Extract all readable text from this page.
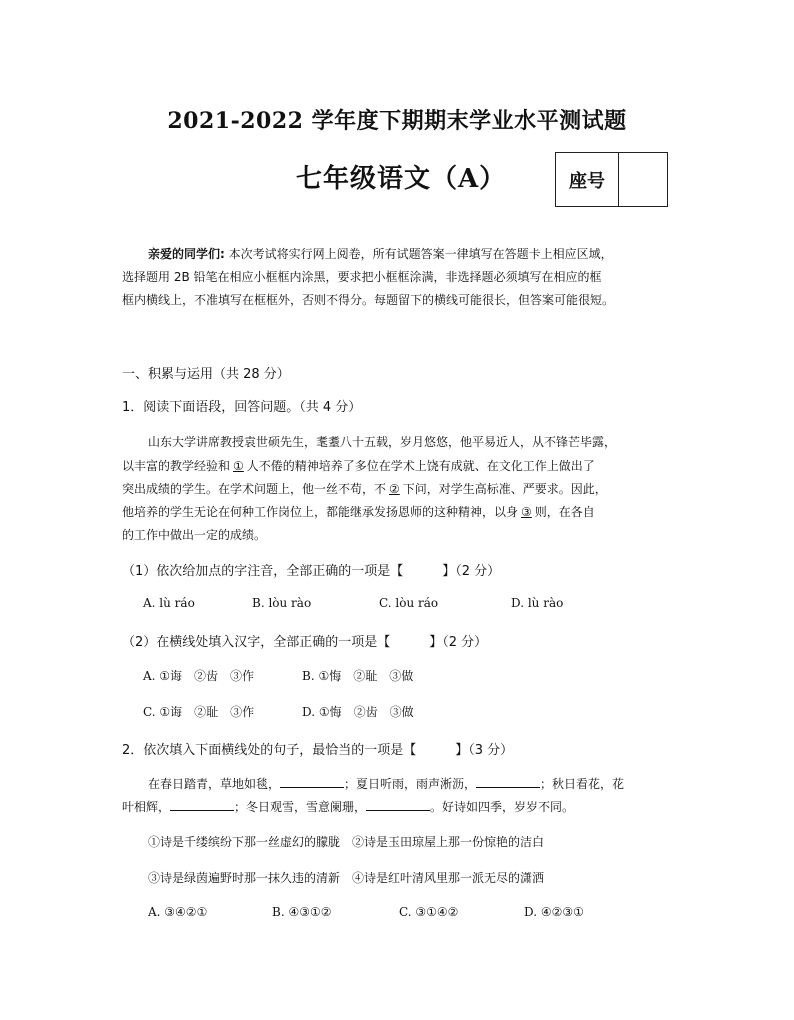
2021-2022 学年度下期期末学业水平测试题
七年级语文（A）	座号
亲爱的同学们: 本次考试将实行网上阅卷，所有试题答案一律填写在答题卡上相应区域，
选择题用 2B 铅笔在相应小框框内涂黑，要求把小框框涂满，非选择题必须填写在相应的框
框内横线上，不准填写在框框外，否则不得分。每题留下的横线可能很长，但答案可能很短。
一、积累与运用（共 28 分）
1．阅读下面语段，回答问题。（共 4 分）
山东大学讲席教授袁世硕先生，耄耋八十五载，岁月悠悠，他平易近人，从不锋芒毕露，
以丰富的教学经验和 ① 人不倦的精神培养了多位在学术上饶有成就、在文化工作上做出了
突出成绩的学生。在学术问题上，他一丝不苟，不 ② 下问，对学生高标准、严要求。因此，
他培养的学生无论在何种工作岗位上，都能继承发扬恩师的这种精神，以身 ③ 则，在各自
的工作中做出一定的成绩。
（1）依次给加点的字注音，全部正确的一项是【　　　】（2 分）
A. lù ráo	B. lòu rào	C. lòu ráo	D. lù rào
（2）在横线处填入汉字，全部正确的一项是【　　　】（2 分）
A. ①诲　②齿　③作	B. ①悔　②耻　③做
C. ①诲　②耻　③作	D. ①悔　②齿　③做
2．依次填入下面横线处的句子，最恰当的一项是【　　　】（3 分）
在春日踏青，草地如毯，	；夏日听雨，雨声淅沥，	；秋日看花，花
叶相辉，	；冬日观雪，雪意阑珊，	。好诗如四季，岁岁不同。
①诗是千缕缤纷下那一丝虚幻的朦胧　②诗是玉田琼屋上那一份惊艳的洁白
③诗是绿茵遍野时那一抹久违的清新　④诗是红叶清风里那一派无尽的潇洒
A. ③④②①	B. ④③①②	C. ③①④②	D. ④②③①
